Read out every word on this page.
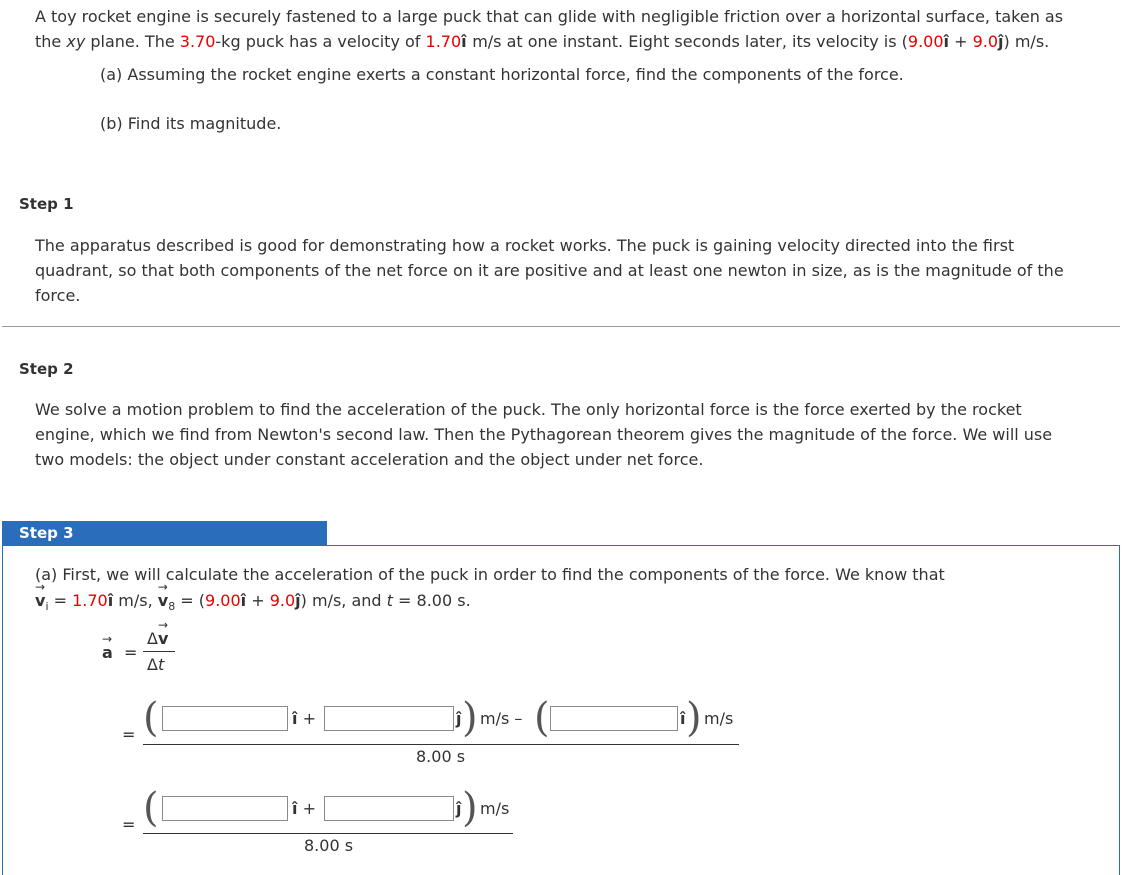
A toy rocket engine is securely fastened to a large puck that can glide with negligible friction over a horizontal surface, taken as
the xy plane. The 3.70-kg puck has a velocity of 1.70î m/s at one instant. Eight seconds later, its velocity is (9.00î + 9.0ĵ) m/s.
(a) Assuming the rocket engine exerts a constant horizontal force, find the components of the force.
(b) Find its magnitude.
Step 1
The apparatus described is good for demonstrating how a rocket works. The puck is gaining velocity directed into the first
quadrant, so that both components of the net force on it are positive and at least one newton in size, as is the magnitude of the
force.
Step 2
We solve a motion problem to find the acceleration of the puck. The only horizontal force is the force exerted by the rocket
engine, which we find from Newton's second law. Then the Pythagorean theorem gives the magnitude of the force. We will use
two models: the object under constant acceleration and the object under net force.
Step 3
(a) First, we will calculate the acceleration of the puck in order to find the components of the force. We know that
→ $v_i$ = 1.70î m/s, → $v_8$ = (9.00î + 9.0ĵ) m/s, and t = 8.00 s.
→ a =
Δ→ v
Δt
= (	î +	ĵ ) m/s – (	î ) m/s
8.00 s
= (	î +	ĵ ) m/s
8.00 s
